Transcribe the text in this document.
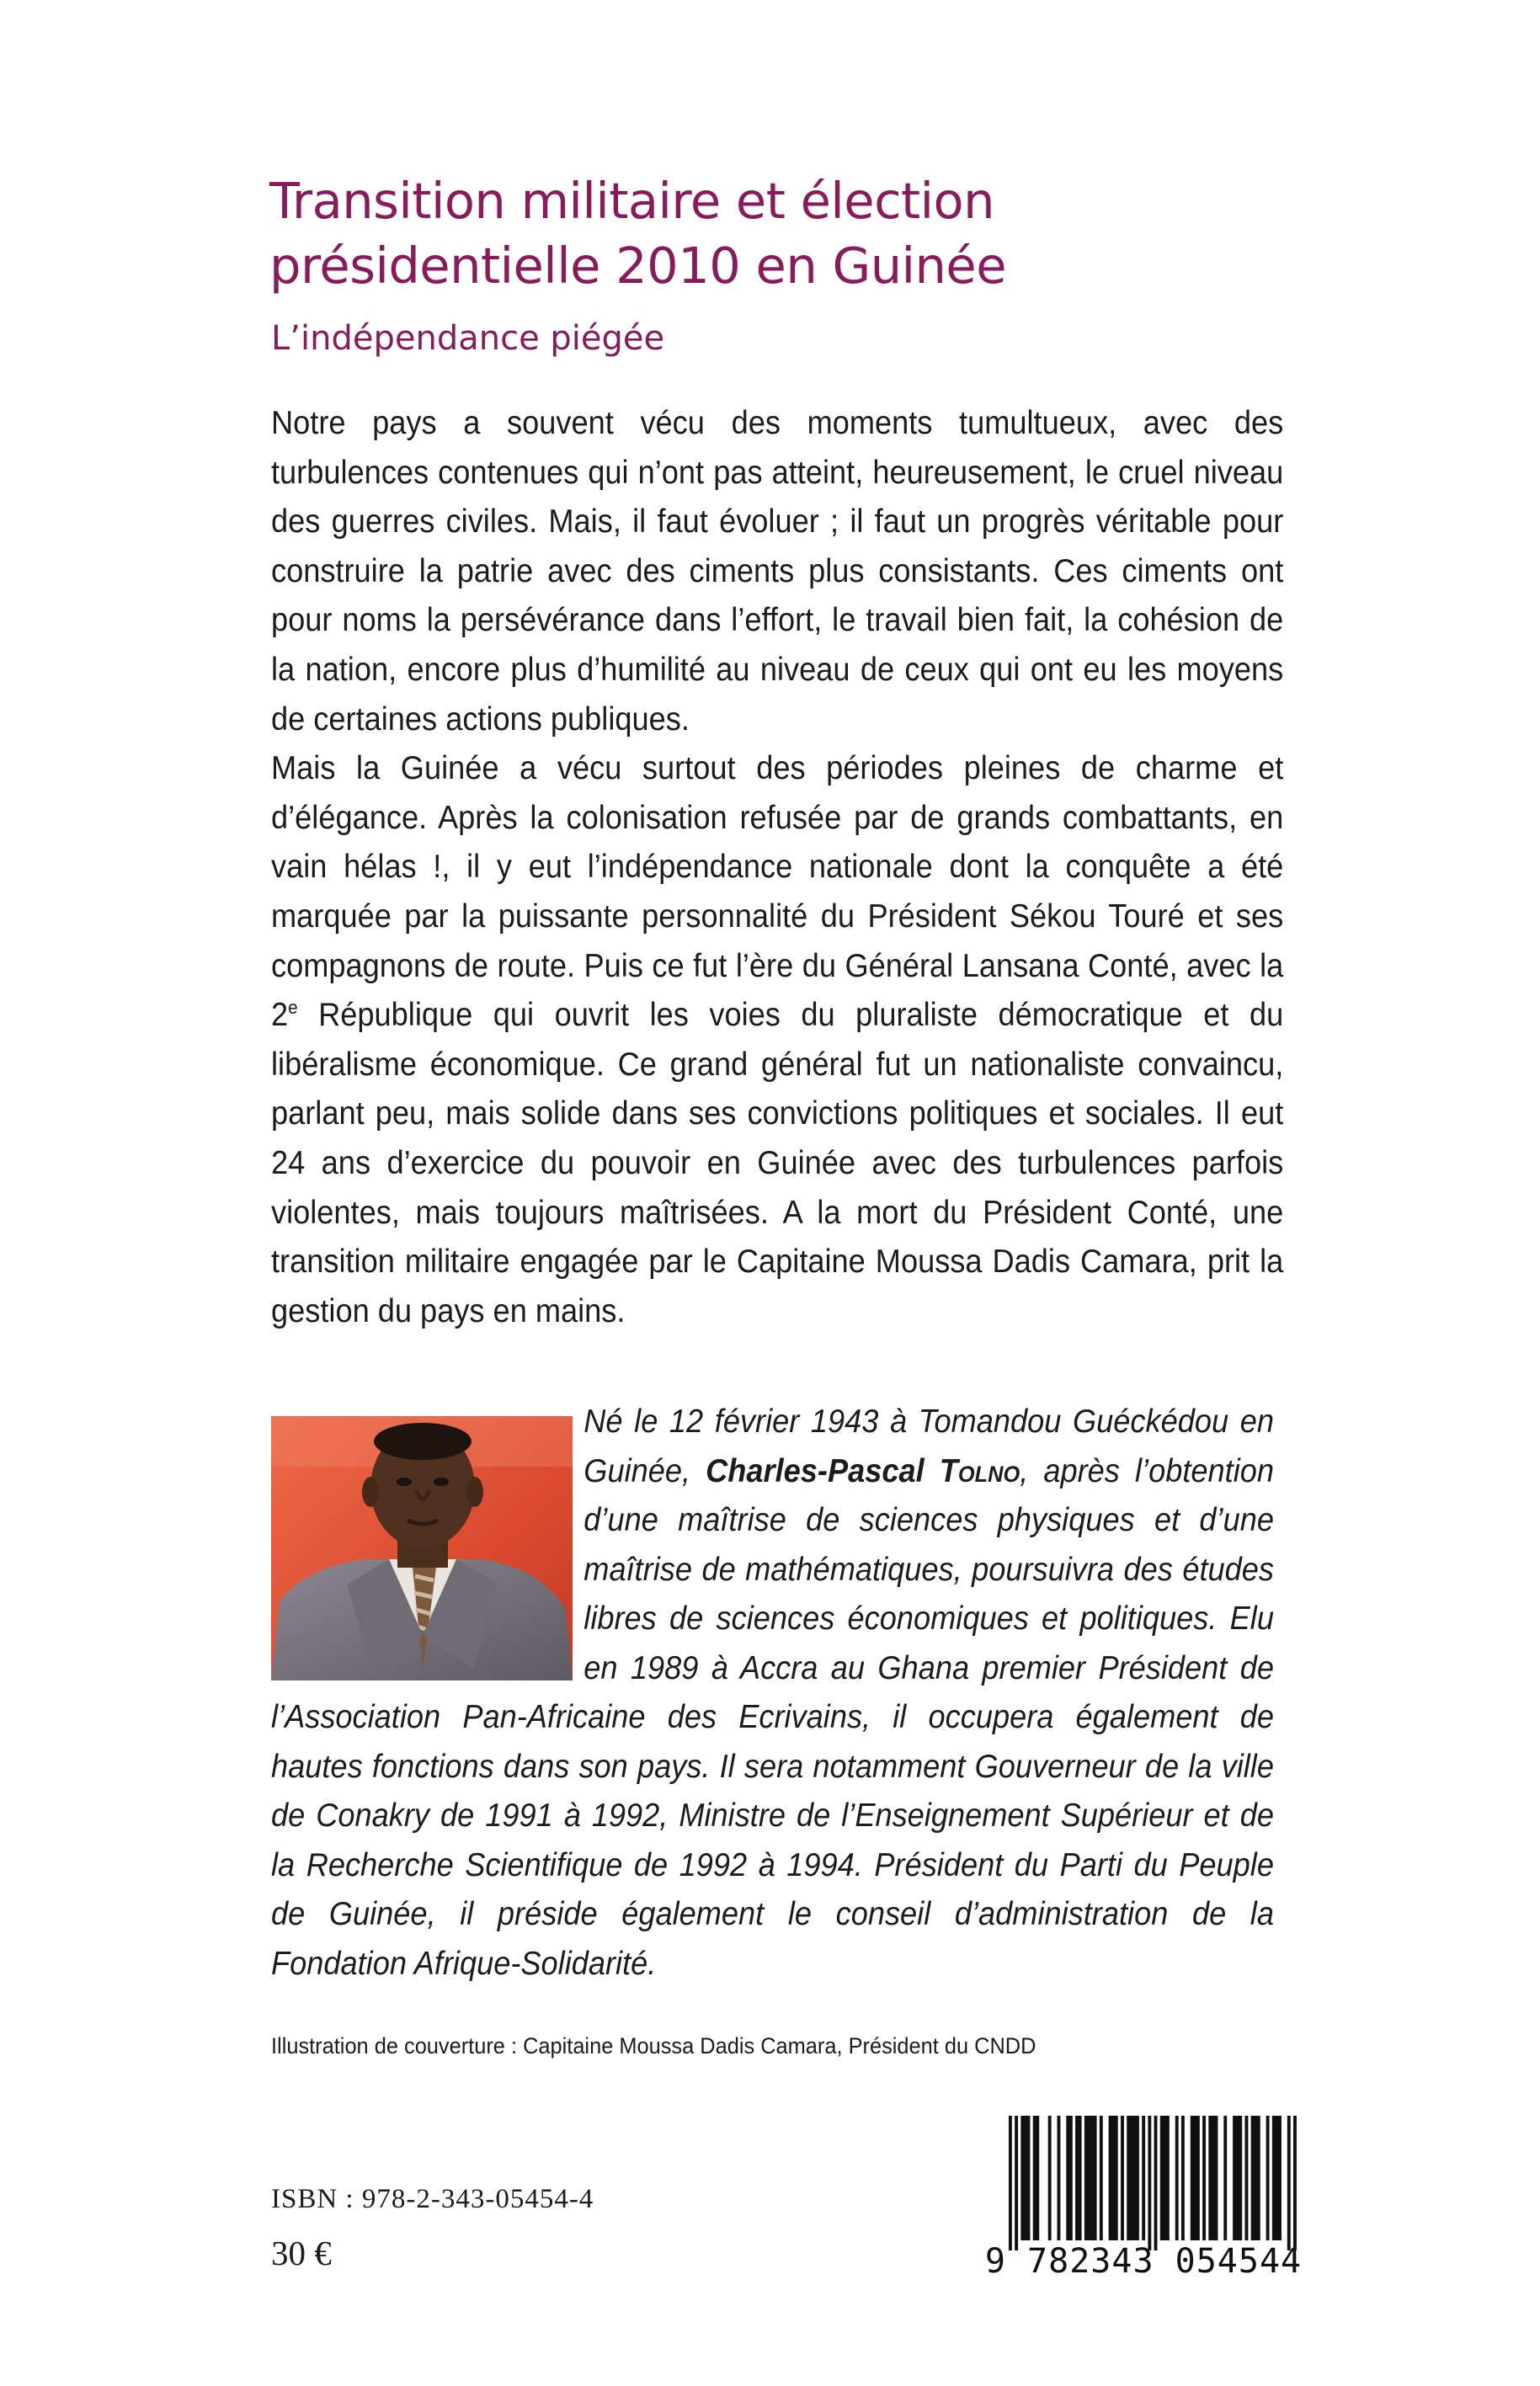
Transition militaire et élection
présidentielle 2010 en Guinée
L’indépendance piégée

Notre pays a souvent vécu des moments tumultueux, avec des turbulences contenues qui n’ont pas atteint, heureusement, le cruel niveau des guerres civiles. Mais, il faut évoluer ; il faut un progrès véritable pour construire la patrie avec des ciments plus consistants. Ces ciments ont pour noms la persévérance dans l’effort, le travail bien fait, la cohésion de la nation, encore plus d’humilité au niveau de ceux qui ont eu les moyens de certaines actions publiques.

Mais la Guinée a vécu surtout des périodes pleines de charme et d’élégance. Après la colonisation refusée par de grands combattants, en vain hélas !, il y eut l’indépendance nationale dont la conquête a été marquée par la puissante personnalité du Président Sékou Touré et ses compagnons de route. Puis ce fut l’ère du Général Lansana Conté, avec la 2e République qui ouvrit les voies du pluraliste démocratique et du libéralisme économique. Ce grand général fut un nationaliste convaincu, parlant peu, mais solide dans ses convictions politiques et sociales. Il eut 24 ans d’exercice du pouvoir en Guinée avec des turbulences parfois violentes, mais toujours maîtrisées. A la mort du Président Conté, une transition militaire engagée par le Capitaine Moussa Dadis Camara, prit la gestion du pays en mains.

Né le 12 février 1943 à Tomandou Guéckédou en Guinée, Charles-Pascal Tolno, après l’obtention d’une maîtrise de sciences physiques et d’une maîtrise de mathématiques, poursuivra des études libres de sciences économiques et politiques. Elu en 1989 à Accra au Ghana premier Président de l’Association Pan-Africaine des Ecrivains, il occupera également de hautes fonctions dans son pays. Il sera notamment Gouverneur de la ville de Conakry de 1991 à 1992, Ministre de l’Enseignement Supérieur et de la Recherche Scientifique de 1992 à 1994. Président du Parti du Peuple de Guinée, il préside également le conseil d’administration de la Fondation Afrique-Solidarité.
Illustration de couverture : Capitaine Moussa Dadis Camara, Président du CNDD
ISBN : 978-2-343-05454-4
30 €	9 782343 054544
